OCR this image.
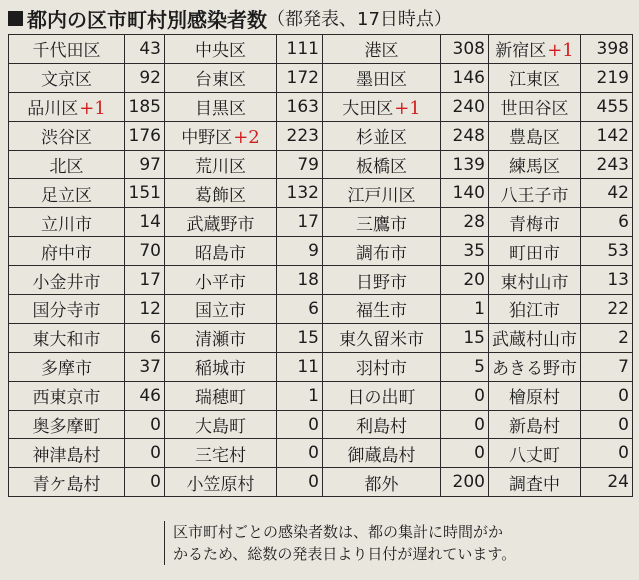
都内の区市町村別感染者数 （都発表、17日時点）
千代田区	43	中央区	111	港区	308	新宿区+1	398
文京区	92	台東区	172	墨田区	146	江東区	219
品川区+1	185	目黒区	163	大田区+1	240	世田谷区	455
渋谷区	176	中野区+2	223	杉並区	248	豊島区	142
北区	97	荒川区	79	板橋区	139	練馬区	243
足立区	151	葛飾区	132	江戸川区	140	八王子市	42
立川市	14	武蔵野市	17	三鷹市	28	青梅市	6
府中市	70	昭島市	9	調布市	35	町田市	53
小金井市	17	小平市	18	日野市	20	東村山市	13
国分寺市	12	国立市	6	福生市	1	狛江市	22
東大和市	6	清瀬市	15	東久留米市	15	武蔵村山市	2
多摩市	37	稲城市	11	羽村市	5	あきる野市	7
西東京市	46	瑞穂町	1	日の出町	0	檜原村	0
奥多摩町	0	大島町	0	利島村	0	新島村	0
神津島村	0	三宅村	0	御蔵島村	0	八丈町	0
青ケ島村	0	小笠原村	0	都外	200	調査中	24
区市町村ごとの感染者数は、都の集計に時間がか
かるため、総数の発表日より日付が遅れています。
